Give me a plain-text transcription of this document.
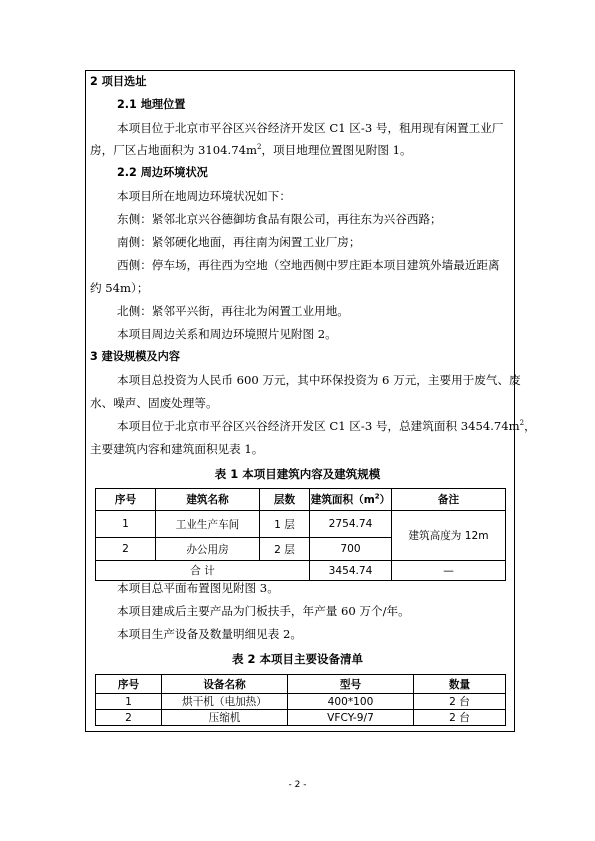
2 项目选址
2.1 地理位置
本项目位于北京市平谷区兴谷经济开发区 C1 区-3 号，租用现有闲置工业厂
房，厂区占地面积为 $3104.74m^2$，项目地理位置图见附图 1。
2.2 周边环境状况
本项目所在地周边环境状况如下：
东侧：紧邻北京兴谷德御坊食品有限公司，再往东为兴谷西路；
南侧：紧邻硬化地面，再往南为闲置工业厂房；
西侧：停车场，再往西为空地（空地西侧中罗庄距本项目建筑外墙最近距离
约 54m）；
北侧：紧邻平兴街，再往北为闲置工业用地。
本项目周边关系和周边环境照片见附图 2。
3 建设规模及内容
本项目总投资为人民币 600 万元，其中环保投资为 6 万元，主要用于废气、废
水、噪声、固废处理等。
本项目位于北京市平谷区兴谷经济开发区 C1 区-3 号，总建筑面积 $3454.74m^2$，
主要建筑内容和建筑面积见表 1。
表 1 本项目建筑内容及建筑规模
序号	建筑名称	层数	建筑面积$(m^2)$	备注
1	工业生产车间	1 层	2754.74	建筑高度为 12m
2	办公用房	2 层	700	
合 计			3454.74	—
本项目总平面布置图见附图 3。
本项目建成后主要产品为门板扶手，年产量 60 万个/年。
本项目生产设备及数量明细见表 2。
表 2 本项目主要设备清单
序号	设备名称	型号	数量
1	烘干机（电加热）	400*100	2 台
2	压缩机	VFCY-9/7	2 台
- 2 -
